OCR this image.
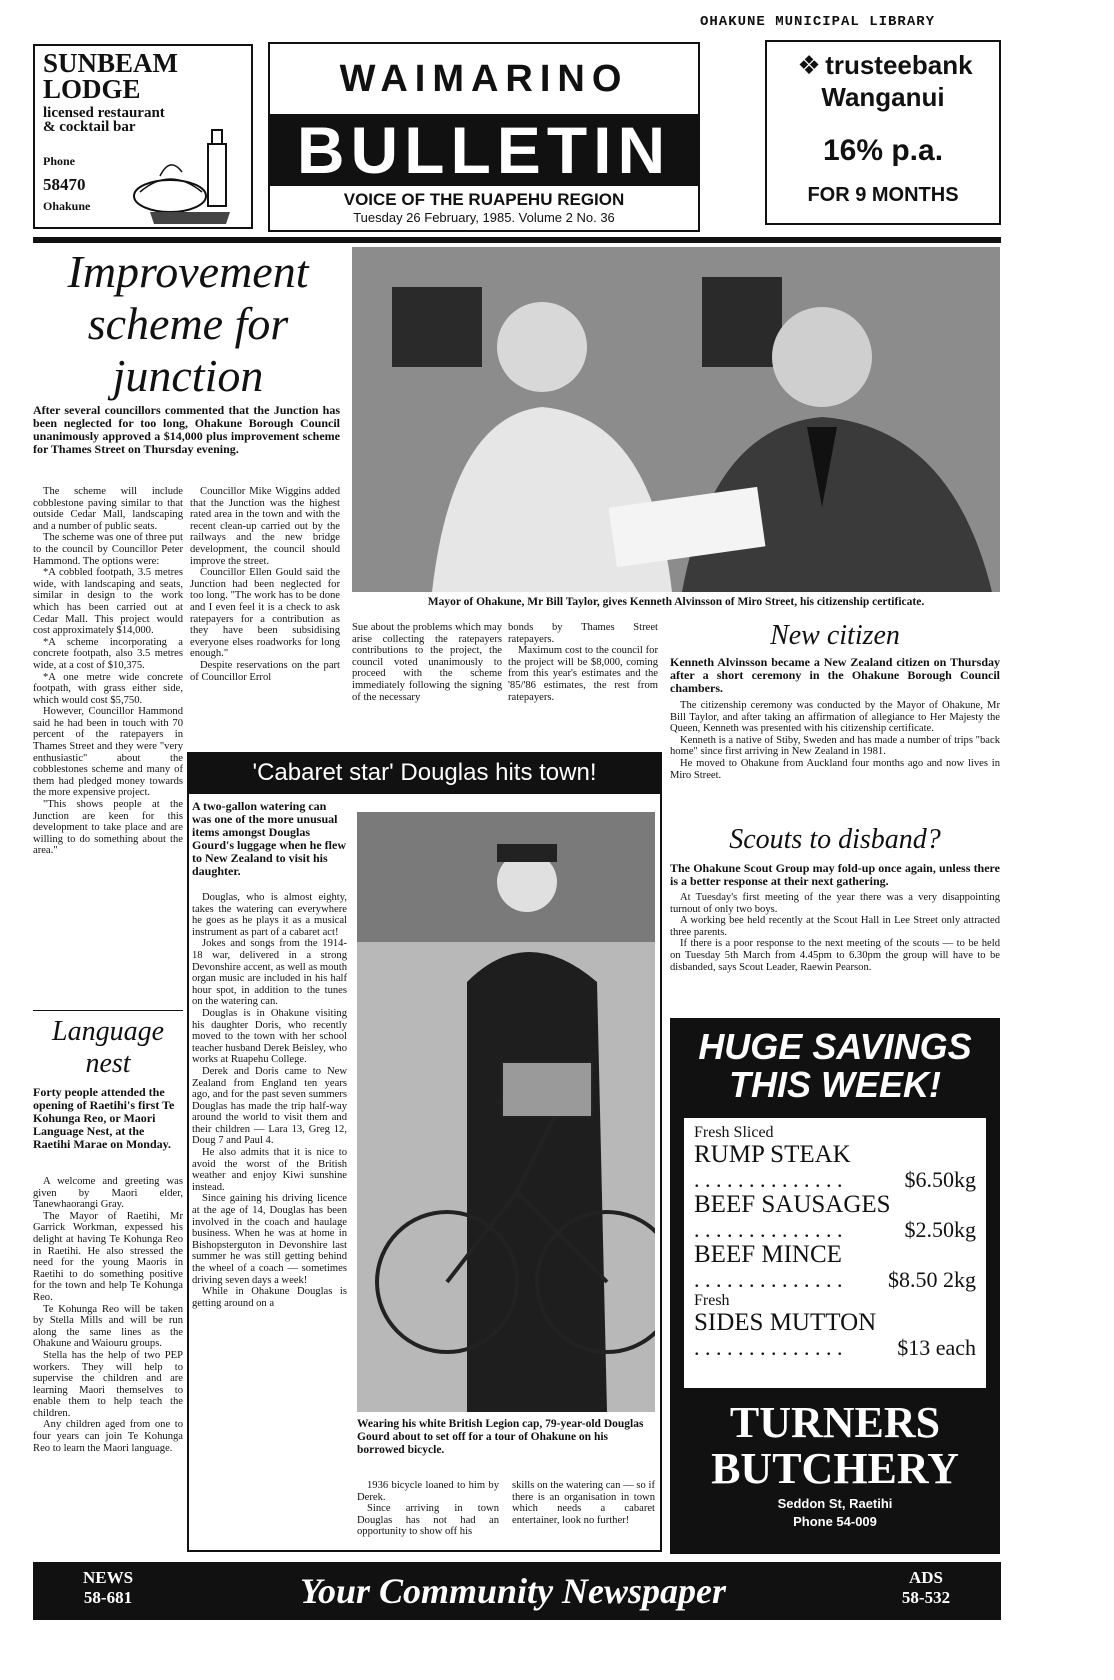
OHAKUNE MUNICIPAL LIBRARY
SUNBEAM LODGE
licensed restaurant
& cocktail bar
Phone
58470
Ohakune
WAIMARINO
BULLETIN
VOICE OF THE RUAPEHU REGION
Tuesday 26 February, 1985. Volume 2 No. 36
❖ trusteebank
Wanganui
16% p.a.
FOR 9 MONTHS
Improvement scheme for junction
After several councillors commented that the Junction has been neglected for too long, Ohakune Borough Council unanimously approved a $14,000 plus improvement scheme for Thames Street on Thursday evening.

The scheme will include cobblestone paving similar to that outside Cedar Mall, landscaping and a number of public seats.

The scheme was one of three put to the council by Councillor Peter Hammond. The options were:

*A cobbled footpath, 3.5 metres wide, with landscaping and seats, similar in design to the work which has been carried out at Cedar Mall. This project would cost approximately $14,000.

*A scheme incorporating a concrete footpath, also 3.5 metres wide, at a cost of $10,375.

*A one metre wide concrete footpath, with grass either side, which would cost $5,750.

However, Councillor Hammond said he had been in touch with 70 percent of the ratepayers in Thames Street and they were "very enthusiastic" about the cobblestones scheme and many of them had pledged money towards the more expensive project.

"This shows people at the Junction are keen for this development to take place and are willing to do something about the area."

Councillor Mike Wiggins added that the Junction was the highest rated area in the town and with the recent clean-up carried out by the railways and the new bridge development, the council should improve the street.

Councillor Ellen Gould said the Junction had been neglected for too long. "The work has to be done and I even feel it is a check to ask ratepayers for a contribution as they have been subsidising everyone elses roadworks for long enough."

Despite reservations on the part of Councillor Errol

Mayor of Ohakune, Mr Bill Taylor, gives Kenneth Alvinsson of Miro Street, his citizenship certificate.

Sue about the problems which may arise collecting the ratepayers contributions to the project, the council voted unanimously to proceed with the scheme immediately following the signing of the necessary

bonds by Thames Street ratepayers.

Maximum cost to the council for the project will be $8,000, coming from this year's estimates and the '85/'86 estimates, the rest from ratepayers.

New citizen
Kenneth Alvinsson became a New Zealand citizen on Thursday after a short ceremony in the Ohakune Borough Council chambers.

The citizenship ceremony was conducted by the Mayor of Ohakune, Mr Bill Taylor, and after taking an affirmation of allegiance to Her Majesty the Queen, Kenneth was presented with his citizenship certificate.

Kenneth is a native of Stiby, Sweden and has made a number of trips "back home" since first arriving in New Zealand in 1981.

He moved to Ohakune from Auckland four months ago and now lives in Miro Street.

Scouts to disband?
The Ohakune Scout Group may fold-up once again, unless there is a better response at their next gathering.

At Tuesday's first meeting of the year there was a very disappointing turnout of only two boys.

A working bee held recently at the Scout Hall in Lee Street only attracted three parents.

If there is a poor response to the next meeting of the scouts — to be held on Tuesday 5th March from 4.45pm to 6.30pm the group will have to be disbanded, says Scout Leader, Raewin Pearson.

Language nest
Forty people attended the opening of Raetihi's first Te Kohunga Reo, or Maori Language Nest, at the Raetihi Marae on Monday.

A welcome and greeting was given by Maori elder, Tanewhaorangi Gray.

The Mayor of Raetihi, Mr Garrick Workman, expessed his delight at having Te Kohunga Reo in Raetihi. He also stressed the need for the young Maoris in Raetihi to do something positive for the town and help Te Kohunga Reo.

Te Kohunga Reo will be taken by Stella Mills and will be run along the same lines as the Ohakune and Waiouru groups.

Stella has the help of two PEP workers. They will help to supervise the children and are learning Maori themselves to enable them to help teach the children.

Any children aged from one to four years can join Te Kohunga Reo to learn the Maori language.

'Cabaret star' Douglas hits town!
A two-gallon watering can was one of the more unusual items amongst Douglas Gourd's luggage when he flew to New Zealand to visit his daughter.

Douglas, who is almost eighty, takes the watering can everywhere he goes as he plays it as a musical instrument as part of a cabaret act!

Jokes and songs from the 1914-18 war, delivered in a strong Devonshire accent, as well as mouth organ music are included in his half hour spot, in addition to the tunes on the watering can.

Douglas is in Ohakune visiting his daughter Doris, who recently moved to the town with her school teacher husband Derek Beisley, who works at Ruapehu College.

Derek and Doris came to New Zealand from England ten years ago, and for the past seven summers Douglas has made the trip half-way around the world to visit them and their children — Lara 13, Greg 12, Doug 7 and Paul 4.

He also admits that it is nice to avoid the worst of the British weather and enjoy Kiwi sunshine instead.

Since gaining his driving licence at the age of 14, Douglas has been involved in the coach and haulage business. When he was at home in Bishopsterguton in Devonshire last summer he was still getting behind the wheel of a coach — sometimes driving seven days a week!

While in Ohakune Douglas is getting around on a

Wearing his white British Legion cap, 79-year-old Douglas Gourd about to set off for a tour of Ohakune on his borrowed bicycle.

1936 bicycle loaned to him by Derek.

Since arriving in town Douglas has not had an opportunity to show off his

skills on the watering can — so if there is an organisation in town which needs a cabaret entertainer, look no further!

HUGE SAVINGS THIS WEEK!
Fresh Sliced
RUMP STEAK
. . . . . . . . . . . . . .	$6.50kg
BEEF SAUSAGES
. . . . . . . . . . . . . .	$2.50kg
BEEF MINCE
. . . . . . . . . . . . . . $8.50 2kg
Fresh
SIDES MUTTON
. . . . . . . . . . . . . . $13 each
TURNERS
BUTCHERY
Seddon St, Raetihi
Phone 54-009
NEWS
58-681	Your Community Newspaper	ADS
58-532
